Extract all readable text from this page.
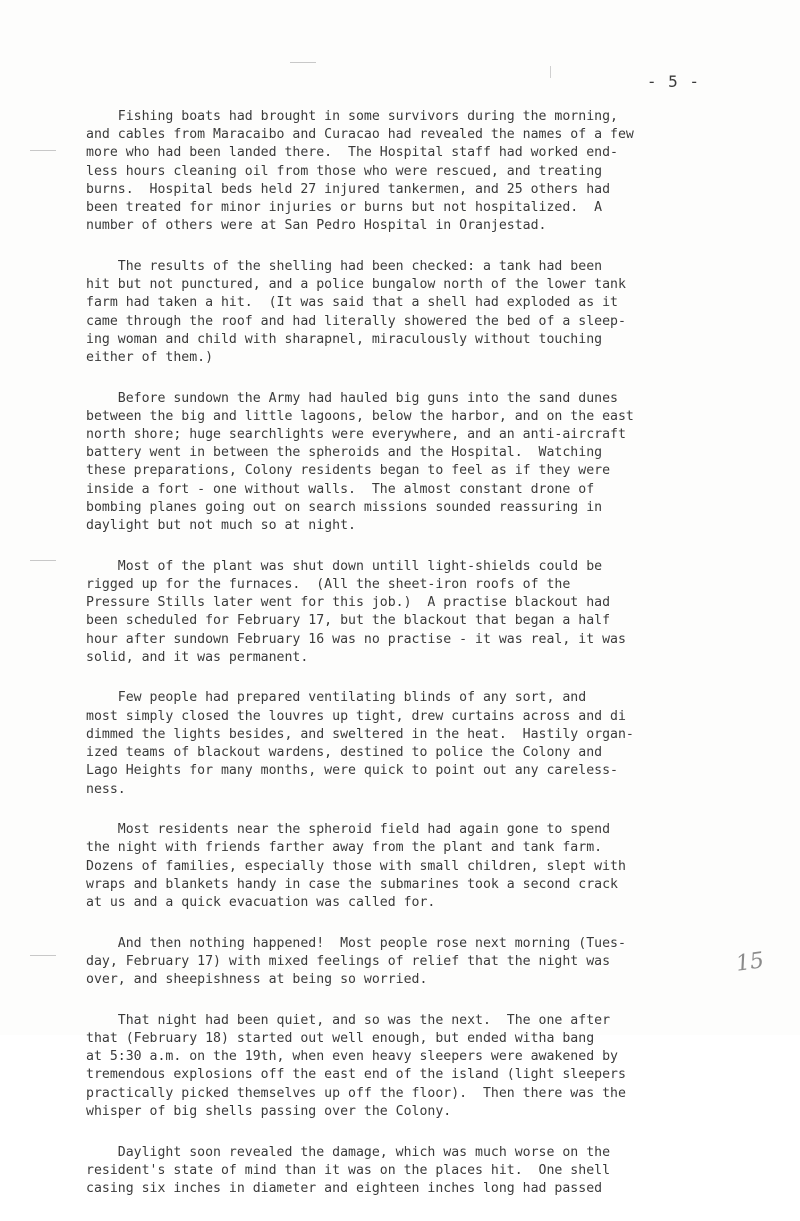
- 5 -

Fishing boats had brought in some survivors during the morning,
and cables from Maracaibo and Curacao had revealed the names of a few
more who had been landed there.  The Hospital staff had worked end-
less hours cleaning oil from those who were rescued, and treating
burns.  Hospital beds held 27 injured tankermen, and 25 others had
been treated for minor injuries or burns but not hospitalized.  A
number of others were at San Pedro Hospital in Oranjestad.

The results of the shelling had been checked: a tank had been
hit but not punctured, and a police bungalow north of the lower tank
farm had taken a hit.  (It was said that a shell had exploded as it
came through the roof and had literally showered the bed of a sleep-
ing woman and child with sharapnel, miraculously without touching
either of them.)

Before sundown the Army had hauled big guns into the sand dunes
between the big and little lagoons, below the harbor, and on the east
north shore; huge searchlights were everywhere, and an anti-aircraft
battery went in between the spheroids and the Hospital.  Watching
these preparations, Colony residents began to feel as if they were
inside a fort - one without walls.  The almost constant drone of
bombing planes going out on search missions sounded reassuring in
daylight but not much so at night.

Most of the plant was shut down untill light-shields could be
rigged up for the furnaces.  (All the sheet-iron roofs of the
Pressure Stills later went for this job.)  A practise blackout had
been scheduled for February 17, but the blackout that began a half
hour after sundown February 16 was no practise - it was real, it was
solid, and it was permanent.

Few people had prepared ventilating blinds of any sort, and
most simply closed the louvres up tight, drew curtains across and di
dimmed the lights besides, and sweltered in the heat.  Hastily organ-
ized teams of blackout wardens, destined to police the Colony and
Lago Heights for many months, were quick to point out any careless-
ness.

Most residents near the spheroid field had again gone to spend
the night with friends farther away from the plant and tank farm.
Dozens of families, especially those with small children, slept with
wraps and blankets handy in case the submarines took a second crack
at us and a quick evacuation was called for.

And then nothing happened!  Most people rose next morning (Tues-
day, February 17) with mixed feelings of relief that the night was
over, and sheepishness at being so worried.

That night had been quiet, and so was the next.  The one after
that (February 18) started out well enough, but ended witha bang
at 5:30 a.m. on the 19th, when even heavy sleepers were awakened by
tremendous explosions off the east end of the island (light sleepers
practically picked themselves up off the floor).  Then there was the
whisper of big shells passing over the Colony.

Daylight soon revealed the damage, which was much worse on the
resident's state of mind than it was on the places hit.  One shell
casing six inches in diameter and eighteen inches long had passed

15
